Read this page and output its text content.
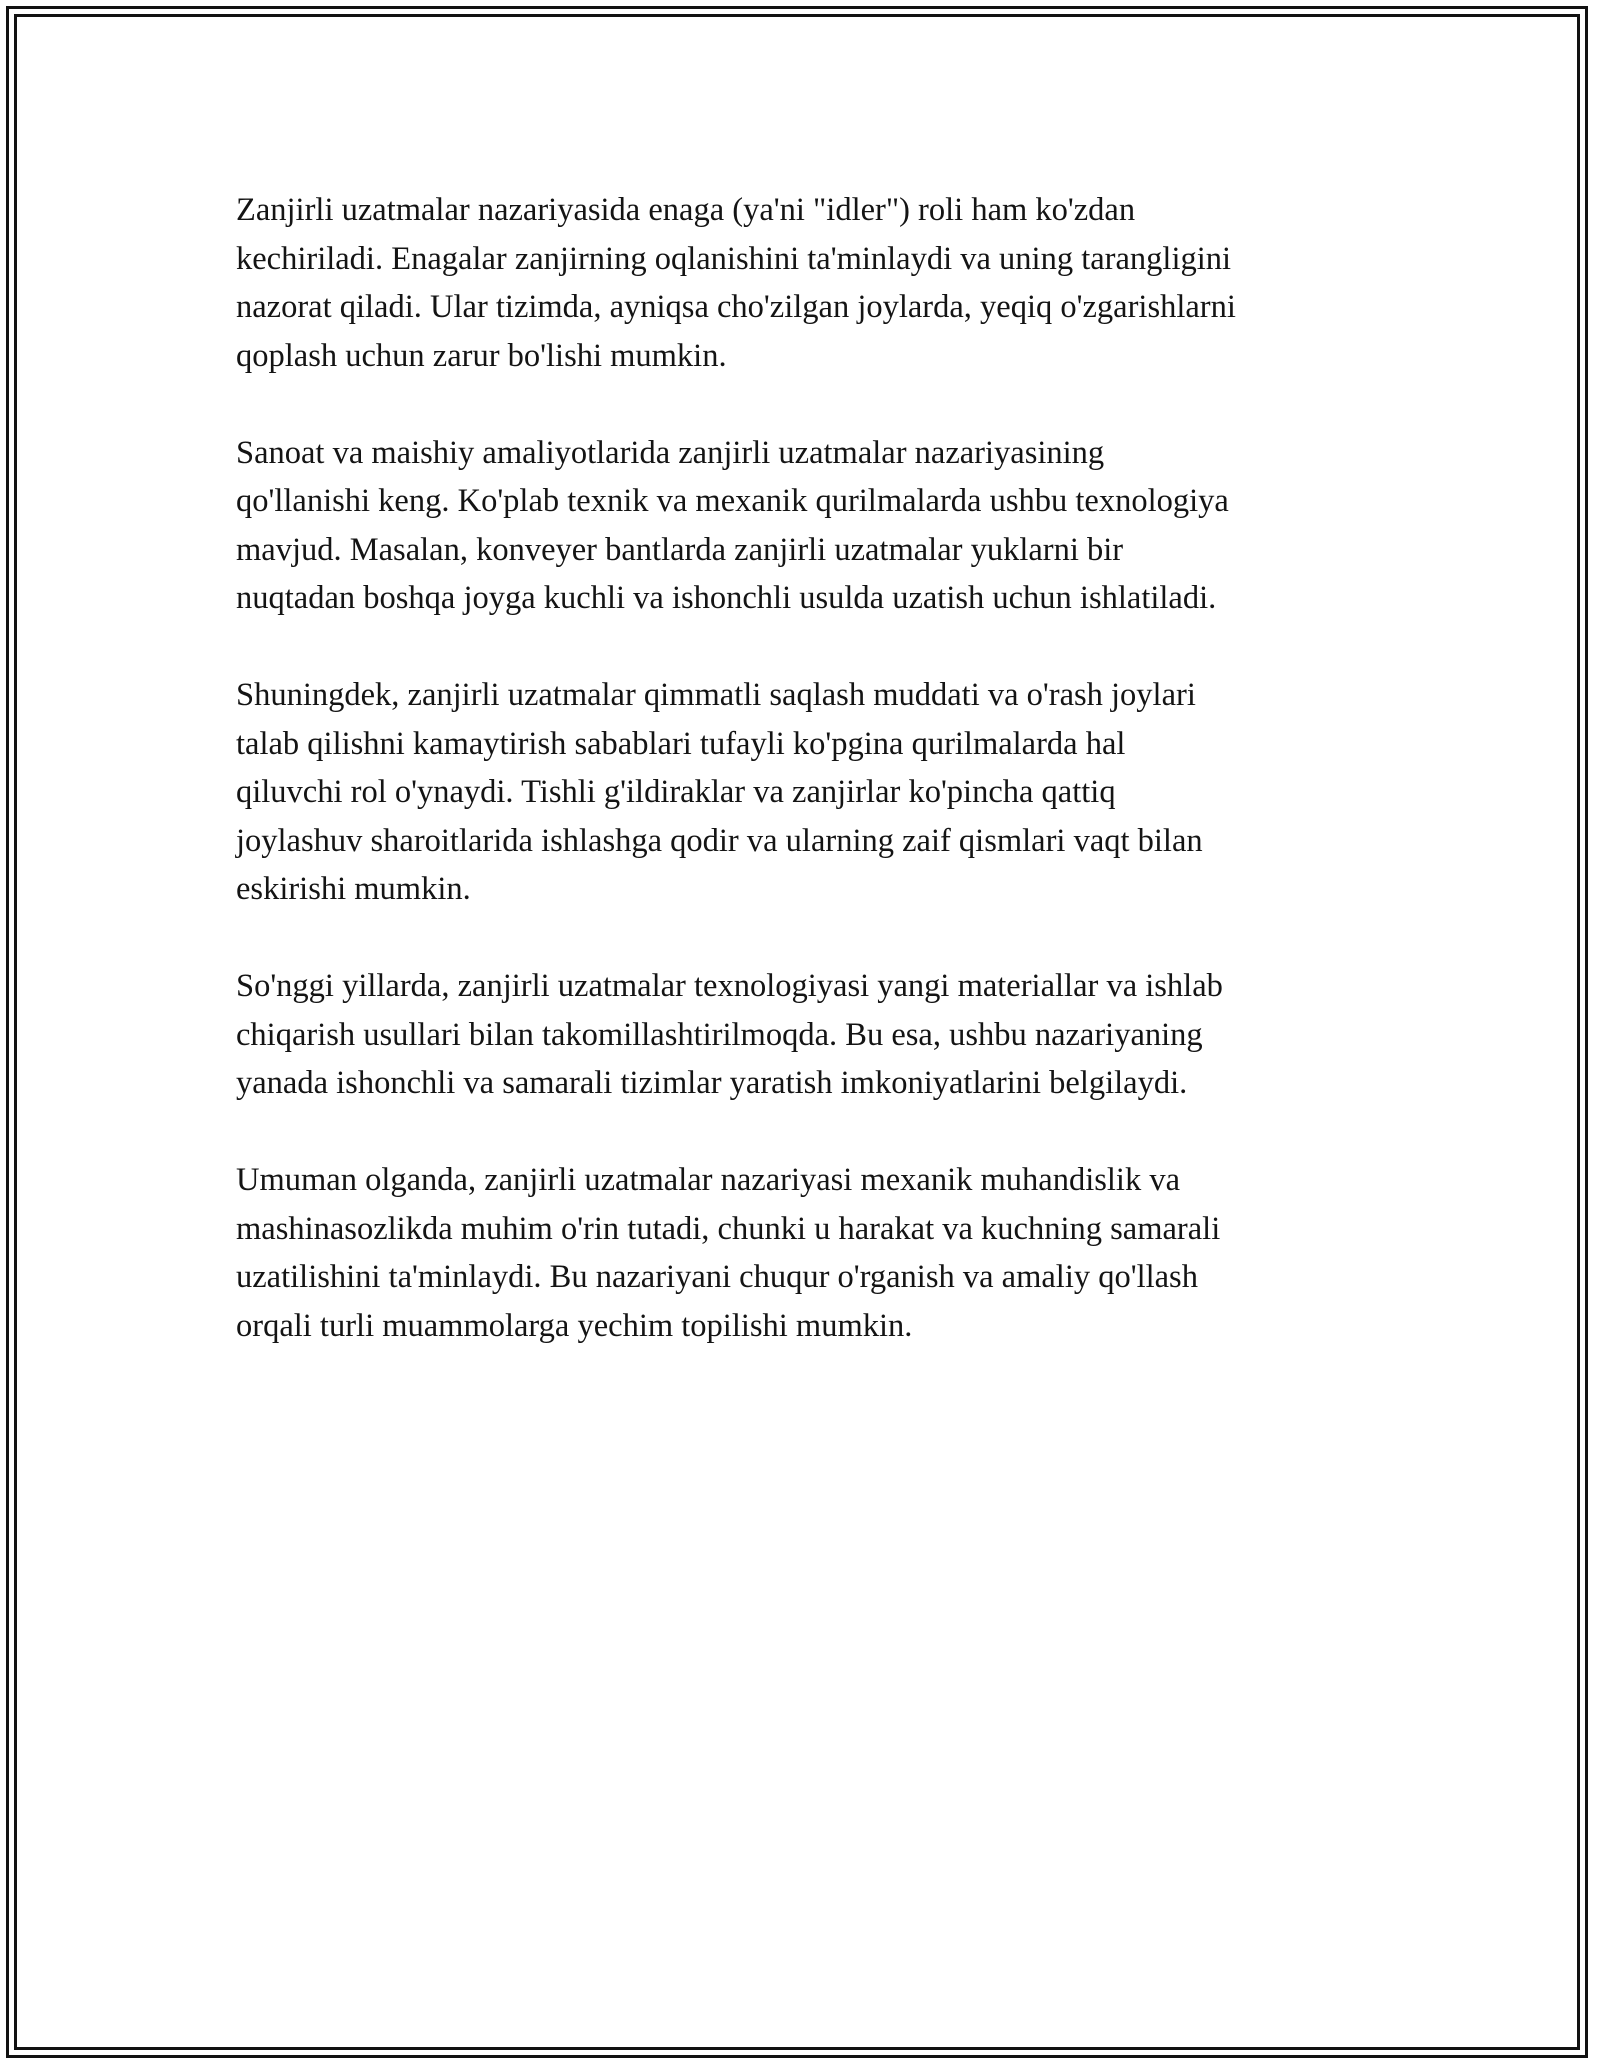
Zanjirli uzatmalar nazariyasida enaga (ya'ni "idler") roli ham ko'zdan
kechiriladi. Enagalar zanjirning oqlanishini ta'minlaydi va uning tarangligini
nazorat qiladi. Ular tizimda, ayniqsa cho'zilgan joylarda, yeqiq o'zgarishlarni
qoplash uchun zarur bo'lishi mumkin.

Sanoat va maishiy amaliyotlarida zanjirli uzatmalar nazariyasining
qo'llanishi keng. Ko'plab texnik va mexanik qurilmalarda ushbu texnologiya
mavjud. Masalan, konveyer bantlarda zanjirli uzatmalar yuklarni bir
nuqtadan boshqa joyga kuchli va ishonchli usulda uzatish uchun ishlatiladi.

Shuningdek, zanjirli uzatmalar qimmatli saqlash muddati va o'rash joylari
talab qilishni kamaytirish sabablari tufayli ko'pgina qurilmalarda hal
qiluvchi rol o'ynaydi. Tishli g'ildiraklar va zanjirlar ko'pincha qattiq
joylashuv sharoitlarida ishlashga qodir va ularning zaif qismlari vaqt bilan
eskirishi mumkin.

So'nggi yillarda, zanjirli uzatmalar texnologiyasi yangi materiallar va ishlab
chiqarish usullari bilan takomillashtirilmoqda. Bu esa, ushbu nazariyaning
yanada ishonchli va samarali tizimlar yaratish imkoniyatlarini belgilaydi.

Umuman olganda, zanjirli uzatmalar nazariyasi mexanik muhandislik va
mashinasozlikda muhim o'rin tutadi, chunki u harakat va kuchning samarali
uzatilishini ta'minlaydi. Bu nazariyani chuqur o'rganish va amaliy qo'llash
orqali turli muammolarga yechim topilishi mumkin.
